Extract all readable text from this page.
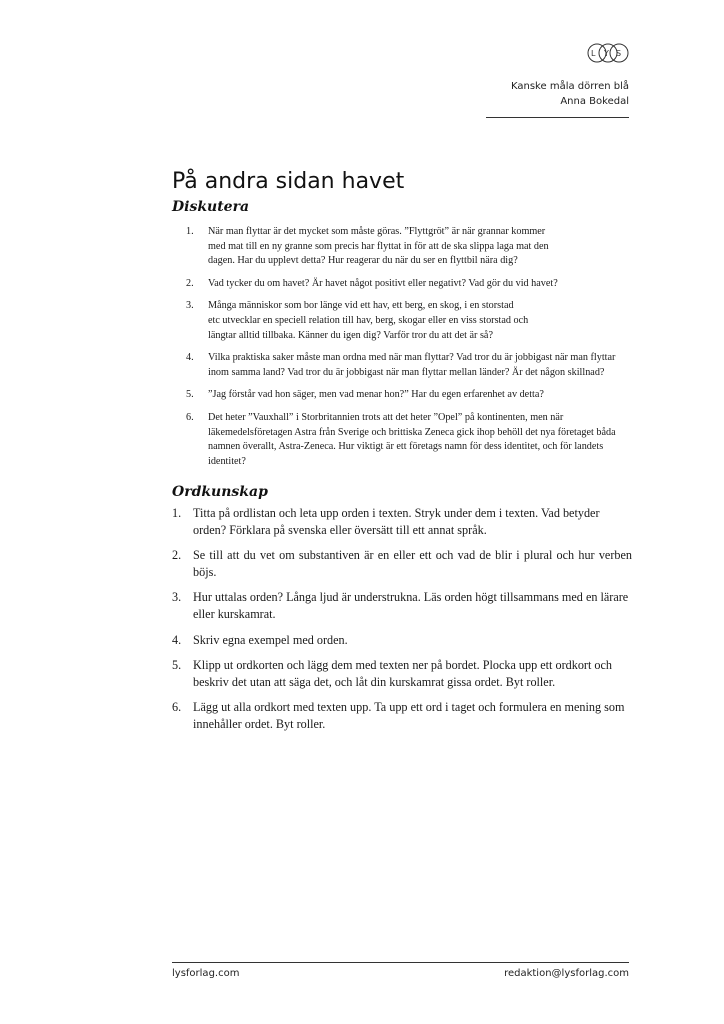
L Y S
Kanske måla dörren blå
Anna Bokedal
På andra sidan havet
Diskutera
1. När man flyttar är det mycket som måste göras. ”Flyttgröt” är när grannar kommer
med mat till en ny granne som precis har flyttat in för att de ska slippa laga mat den
dagen. Har du upplevt detta? Hur reagerar du när du ser en flyttbil nära dig?
2. Vad tycker du om havet? Är havet något positivt eller negativt? Vad gör du vid havet?
3. Många människor som bor länge vid ett hav, ett berg, en skog, i en storstad
etc utvecklar en speciell relation till hav, berg, skogar eller en viss storstad och
längtar alltid tillbaka. Känner du igen dig? Varför tror du att det är så?
4. Vilka praktiska saker måste man ordna med när man flyttar? Vad tror du är jobbigast när man flyttar
inom samma land? Vad tror du är jobbigast när man flyttar mellan länder? Är det någon skillnad?
5. ”Jag förstår vad hon säger, men vad menar hon?” Har du egen erfarenhet av detta?
6. Det heter ”Vauxhall” i Storbritannien trots att det heter ”Opel” på kontinenten, men när
läkemedelsföretagen Astra från Sverige och brittiska Zeneca gick ihop behöll det nya företaget båda
namnen överallt, Astra-Zeneca. Hur viktigt är ett företags namn för dess identitet, och för landets
identitet?
Ordkunskap
1. Titta på ordlistan och leta upp orden i texten. Stryk under dem i texten. Vad betyder
orden? Förklara på svenska eller översätt till ett annat språk.
2. Se till att du vet om substantiven är en eller ett och vad de blir i plural och hur verben böjs.
3. Hur uttalas orden? Långa ljud är understrukna. Läs orden högt tillsammans med en lärare
eller kurskamrat.
4. Skriv egna exempel med orden.
5. Klipp ut ordkorten och lägg dem med texten ner på bordet. Plocka upp ett ordkort och
beskriv det utan att säga det, och låt din kurskamrat gissa ordet. Byt roller.
6. Lägg ut alla ordkort med texten upp. Ta upp ett ord i taget och formulera en mening som
innehåller ordet. Byt roller.
lysforlag.com	redaktion@lysforlag.com
